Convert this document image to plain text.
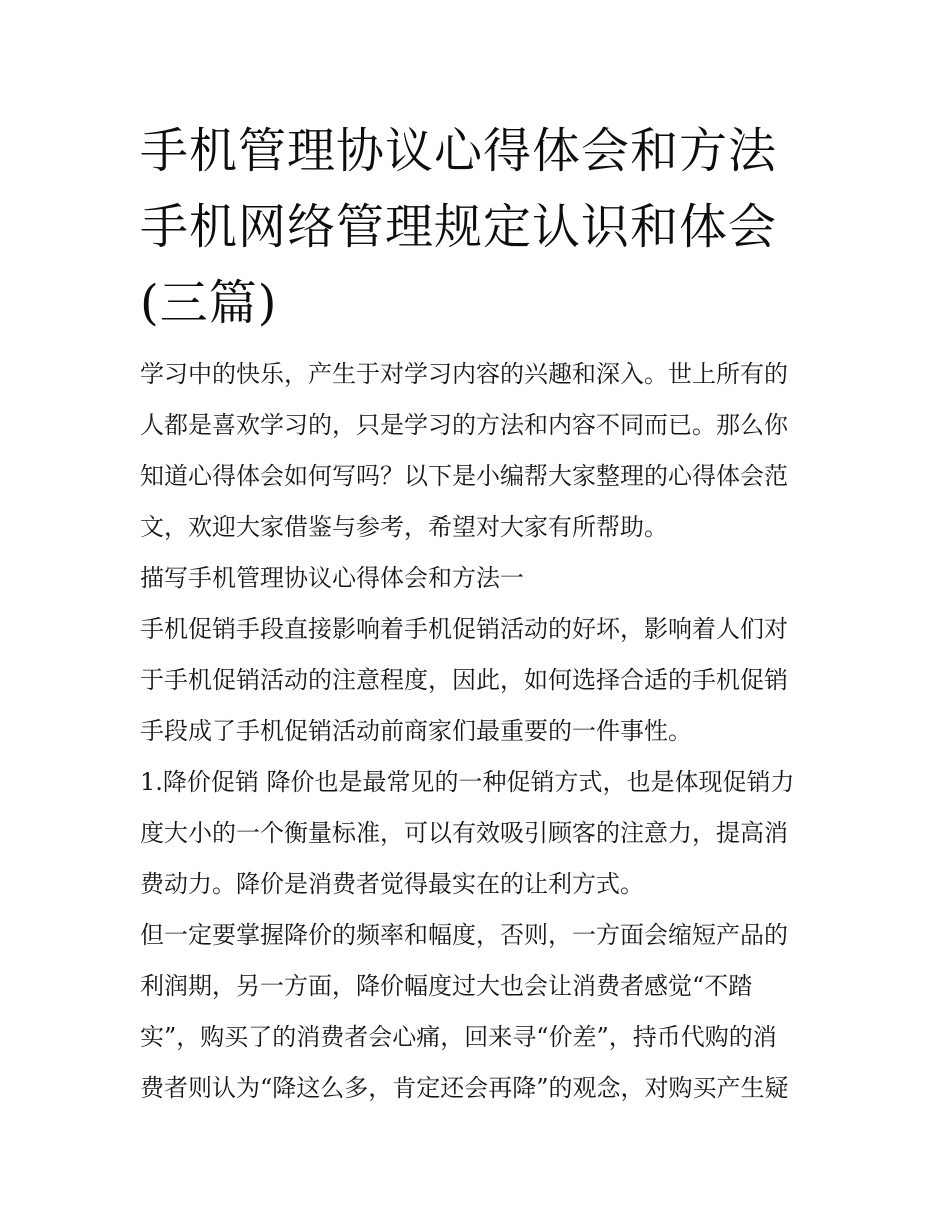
手机管理协议心得体会和方法
手机网络管理规定认识和体会
(三篇)

学习中的快乐，产生于对学习内容的兴趣和深入。世上所有的
人都是喜欢学习的，只是学习的方法和内容不同而已。那么你
知道心得体会如何写吗？以下是小编帮大家整理的心得体会范
文，欢迎大家借鉴与参考，希望对大家有所帮助。

描写手机管理协议心得体会和方法一

手机促销手段直接影响着手机促销活动的好坏，影响着人们对
于手机促销活动的注意程度，因此，如何选择合适的手机促销
手段成了手机促销活动前商家们最重要的一件事性。

1.降价促销 降价也是最常见的一种促销方式，也是体现促销力
度大小的一个衡量标准，可以有效吸引顾客的注意力，提高消
费动力。降价是消费者觉得最实在的让利方式。

但一定要掌握降价的频率和幅度，否则，一方面会缩短产品的
利润期，另一方面，降价幅度过大也会让消费者感觉“不踏
实”，购买了的消费者会心痛，回来寻“价差”，持币代购的消
费者则认为“降这么多，肯定还会再降”的观念，对购买产生疑
